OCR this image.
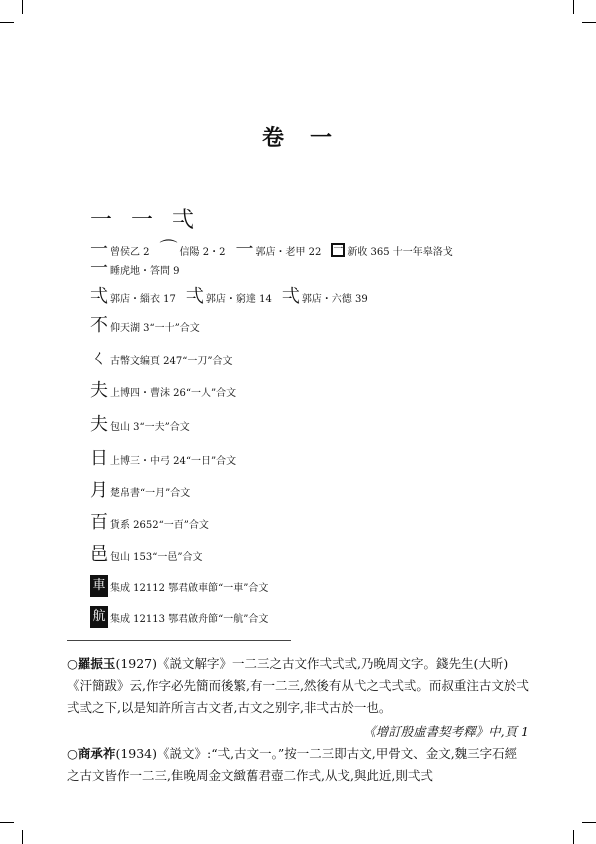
卷　一
一 一 弌
一 曾侯乙 2 ⌒ 信陽 2・2 一 郭店・老甲 22 一 新收 365 十一年皋洛戈
一 睡虎地・答問 9
弌 郭店・緇衣 17 弌 郭店・窮達 14 弌 郭店・六德 39
不 仰天湖 3“一十”合文
ㄑ 古幣文编頁 247“一刀”合文
夫 上博四・曹沫 26“一人”合文
夫 包山 3“一夫”合文
日 上博三・中弓 24“一日”合文
月 楚帛書“一月”合文
百 貨系 2652“一百”合文
邑 包山 153“一邑”合文
車 集成 12112 鄂君啟車節“一車”合文
航 集成 12113 鄂君啟舟節“一航”合文
○羅振玉(1927)《説文解字》一二三之古文作弌弍弎,乃晚周文字。錢先生(大昕)《汗簡跋》云,作字必先簡而後繁,有一二三,然後有从弋之弌弍弎。而叔重注古文於弌弍弎之下,以是知許所言古文者,古文之别字,非弌古於一也。
《增訂殷虛書契考釋》中,頁 1
○商承祚(1934)《説文》:“弌,古文一。”按一二三即古文,甲骨文、金文,魏三字石經之古文皆作一二三,隹晚周金文緻𦾔君壺二作弍,从戈,與此近,則弌弍
